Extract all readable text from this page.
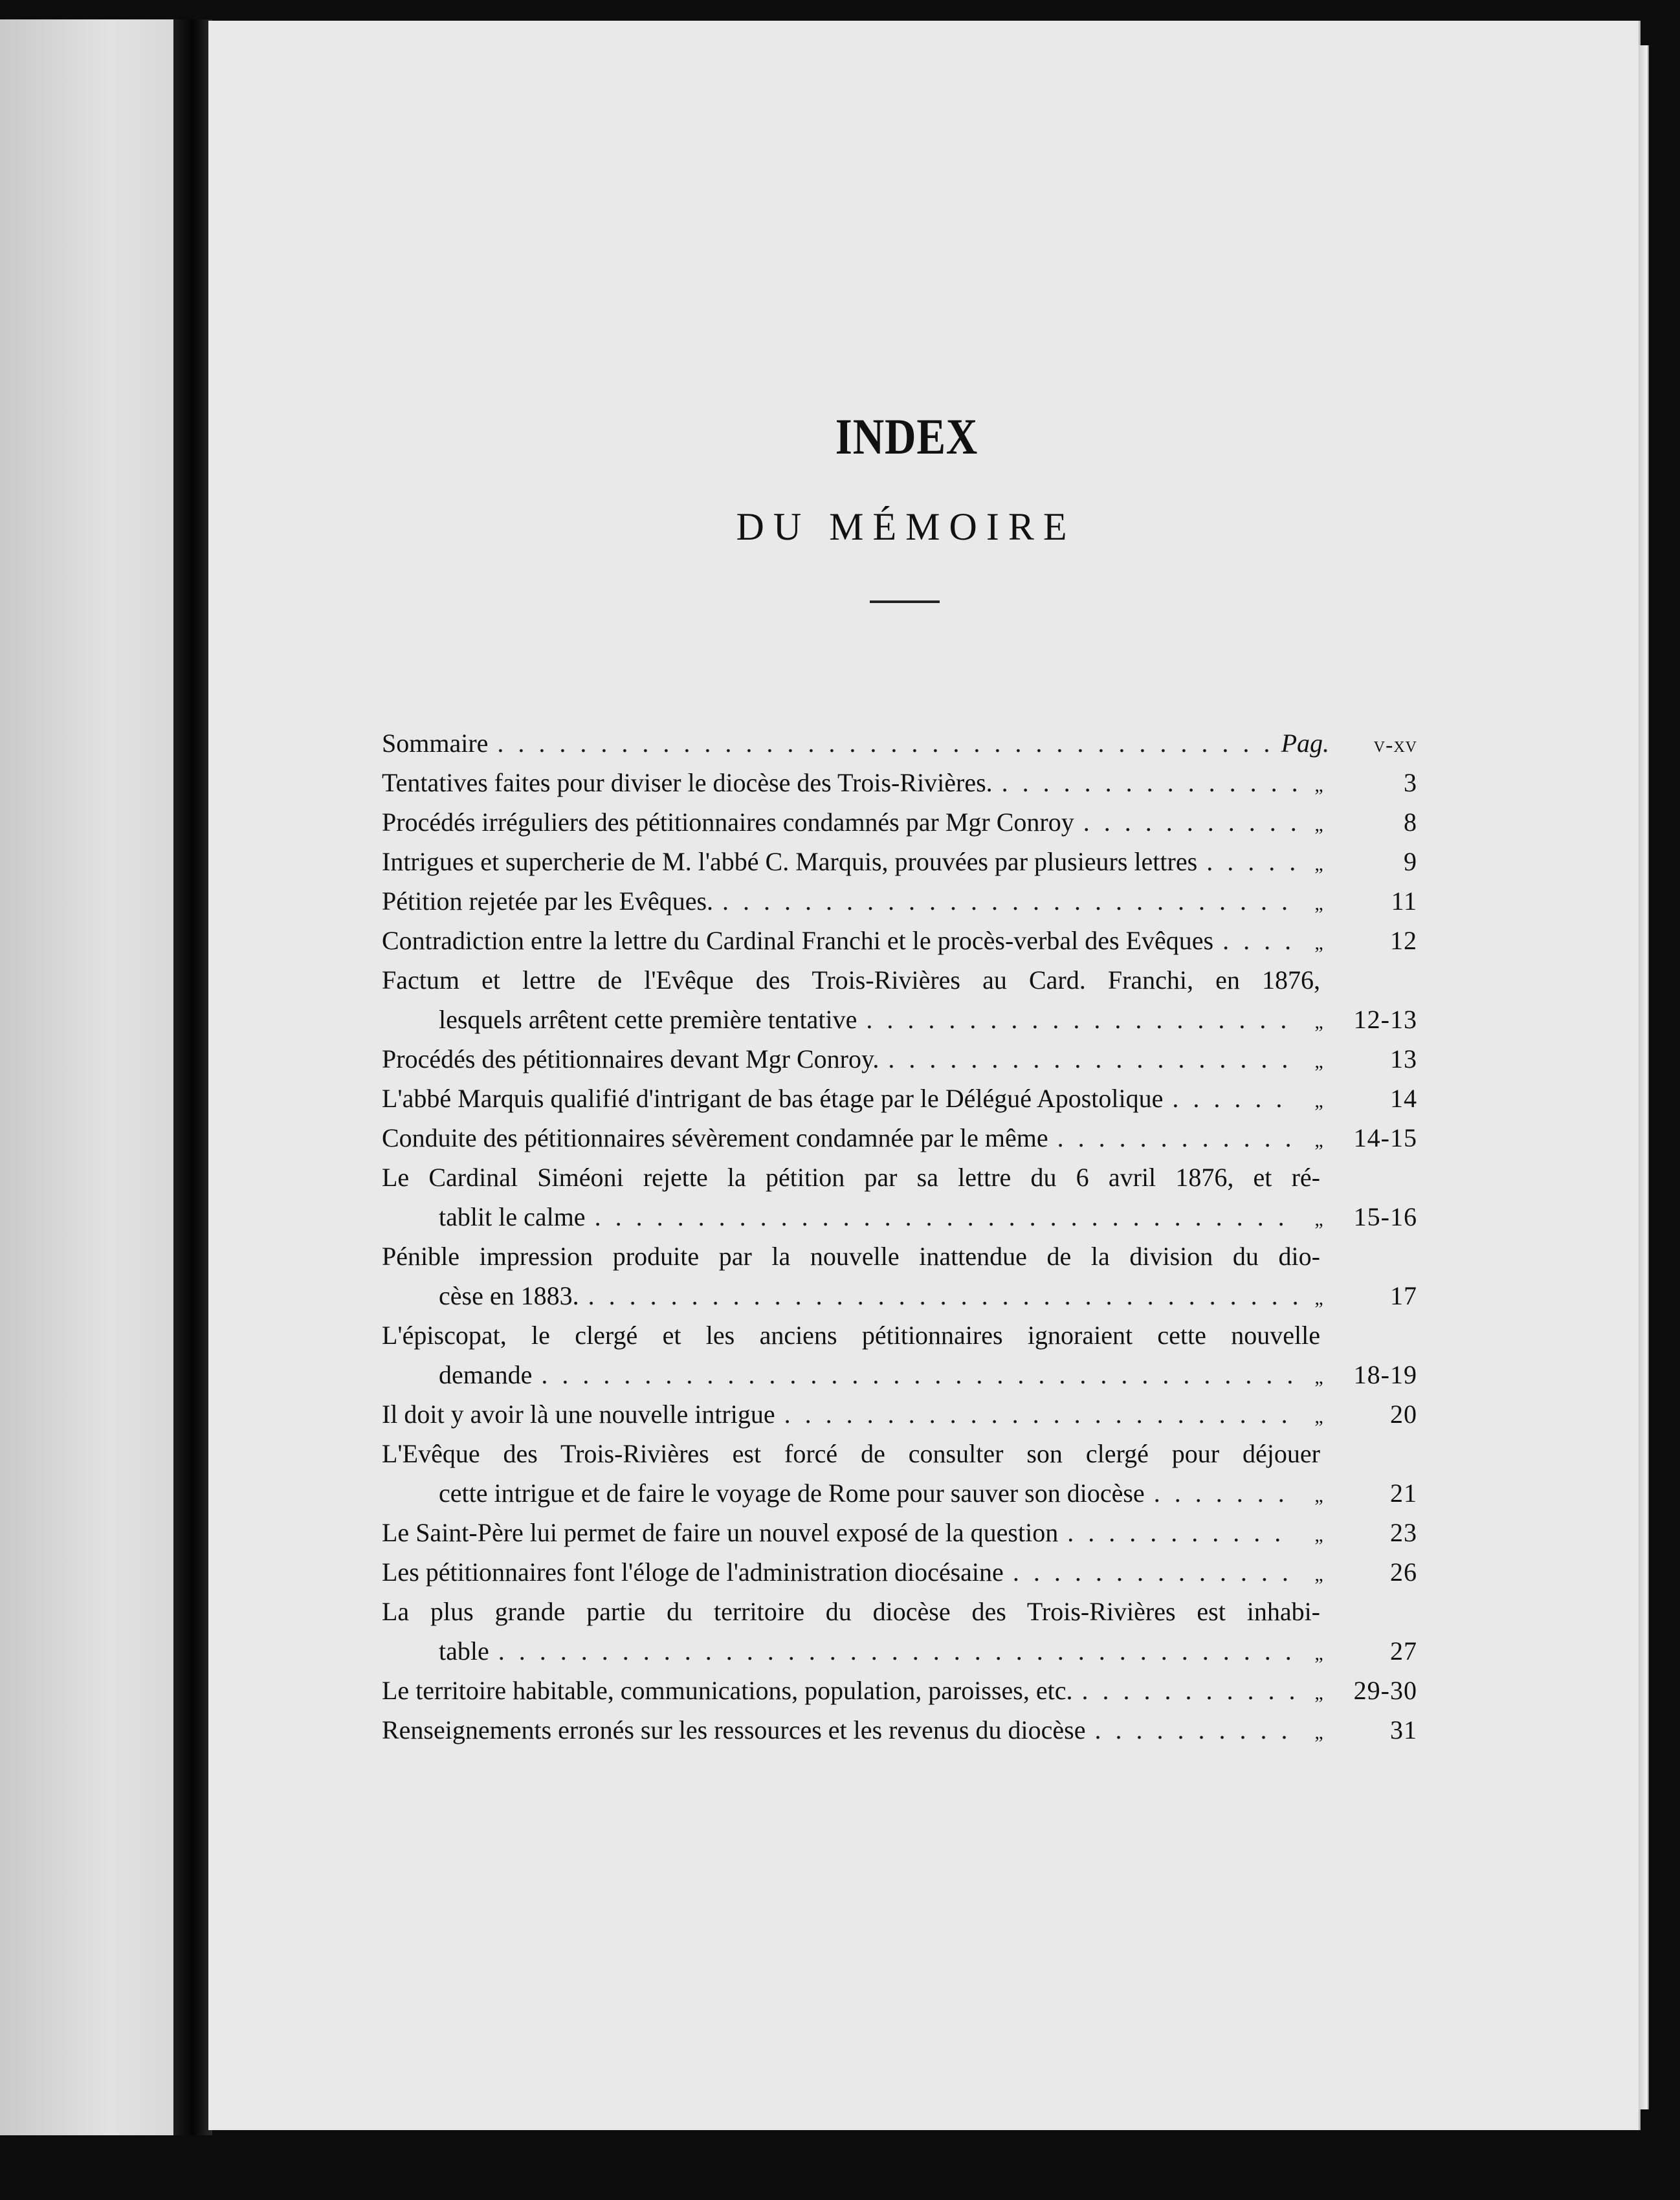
INDEX
DU MÉMOIRE
Sommaire . . .	Pag.	v-xv
Tentatives faites pour diviser le diocèse des Trois-Rivières. . . .	„	3
Procédés irréguliers des pétitionnaires condamnés par Mgr Conroy . . .	„	8
Intrigues et supercherie de M. l'abbé C. Marquis, prouvées par plusieurs lettres . . .	„	9
Pétition rejetée par les Evêques. . . .	„	11
Contradiction entre la lettre du Cardinal Franchi et le procès-verbal des Evêques . . .	„	12
Factum et lettre de l'Evêque des Trois-Rivières au Card. Franchi, en 1876,
lesquels arrêtent cette première tentative . . .	„	12-13
Procédés des pétitionnaires devant Mgr Conroy. . . .	„	13
L'abbé Marquis qualifié d'intrigant de bas étage par le Délégué Apostolique . . .	„	14
Conduite des pétitionnaires sévèrement condamnée par le même . . .	„	14-15
Le Cardinal Siméoni rejette la pétition par sa lettre du 6 avril 1876, et ré-
tablit le calme . . .	„	15-16
Pénible impression produite par la nouvelle inattendue de la division du dio-
cèse en 1883. . . .	„	17
L'épiscopat, le clergé et les anciens pétitionnaires ignoraient cette nouvelle
demande . . .	„	18-19
Il doit y avoir là une nouvelle intrigue . . .	„	20
L'Evêque des Trois-Rivières est forcé de consulter son clergé pour déjouer
cette intrigue et de faire le voyage de Rome pour sauver son diocèse . . .	„	21
Le Saint-Père lui permet de faire un nouvel exposé de la question . . .	„	23
Les pétitionnaires font l'éloge de l'administration diocésaine . . .	„	26
La plus grande partie du territoire du diocèse des Trois-Rivières est inhabi-
table . . .	„	27
Le territoire habitable, communications, population, paroisses, etc. . . .	„	29-30
Renseignements erronés sur les ressources et les revenus du diocèse . . .	„	31
